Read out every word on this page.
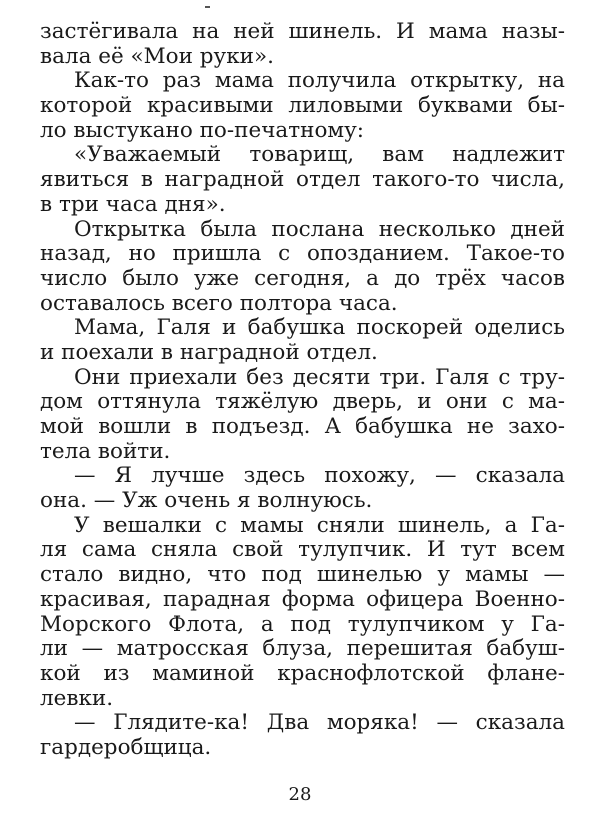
застёгивала на ней шинель. И мама назы-
вала её «Мои руки».
Как-то раз мама получила открытку, на
которой красивыми лиловыми буквами бы-
ло выстукано по-печатному:
«Уважаемый товарищ, вам надлежит
явиться в наградной отдел такого-то числа,
в три часа дня».
Открытка была послана несколько дней
назад, но пришла с опозданием. Такое-то
число было уже сегодня, а до трёх часов
оставалось всего полтора часа.
Мама, Галя и бабушка поскорей оделись
и поехали в наградной отдел.
Они приехали без десяти три. Галя с тру-
дом оттянула тяжёлую дверь, и они с ма-
мой вошли в подъезд. А бабушка не захо-
тела войти.
— Я лучше здесь похожу, — сказала
она. — Уж очень я волнуюсь.
У вешалки с мамы сняли шинель, а Га-
ля сама сняла свой тулупчик. И тут всем
стало видно, что под шинелью у мамы —
красивая, парадная форма офицера Военно-
Морского Флота, а под тулупчиком у Га-
ли — матросская блуза, перешитая бабуш-
кой из маминой краснофлотской флане-
левки.
— Глядите-ка! Два моряка! — сказала
гардеробщица.
28
